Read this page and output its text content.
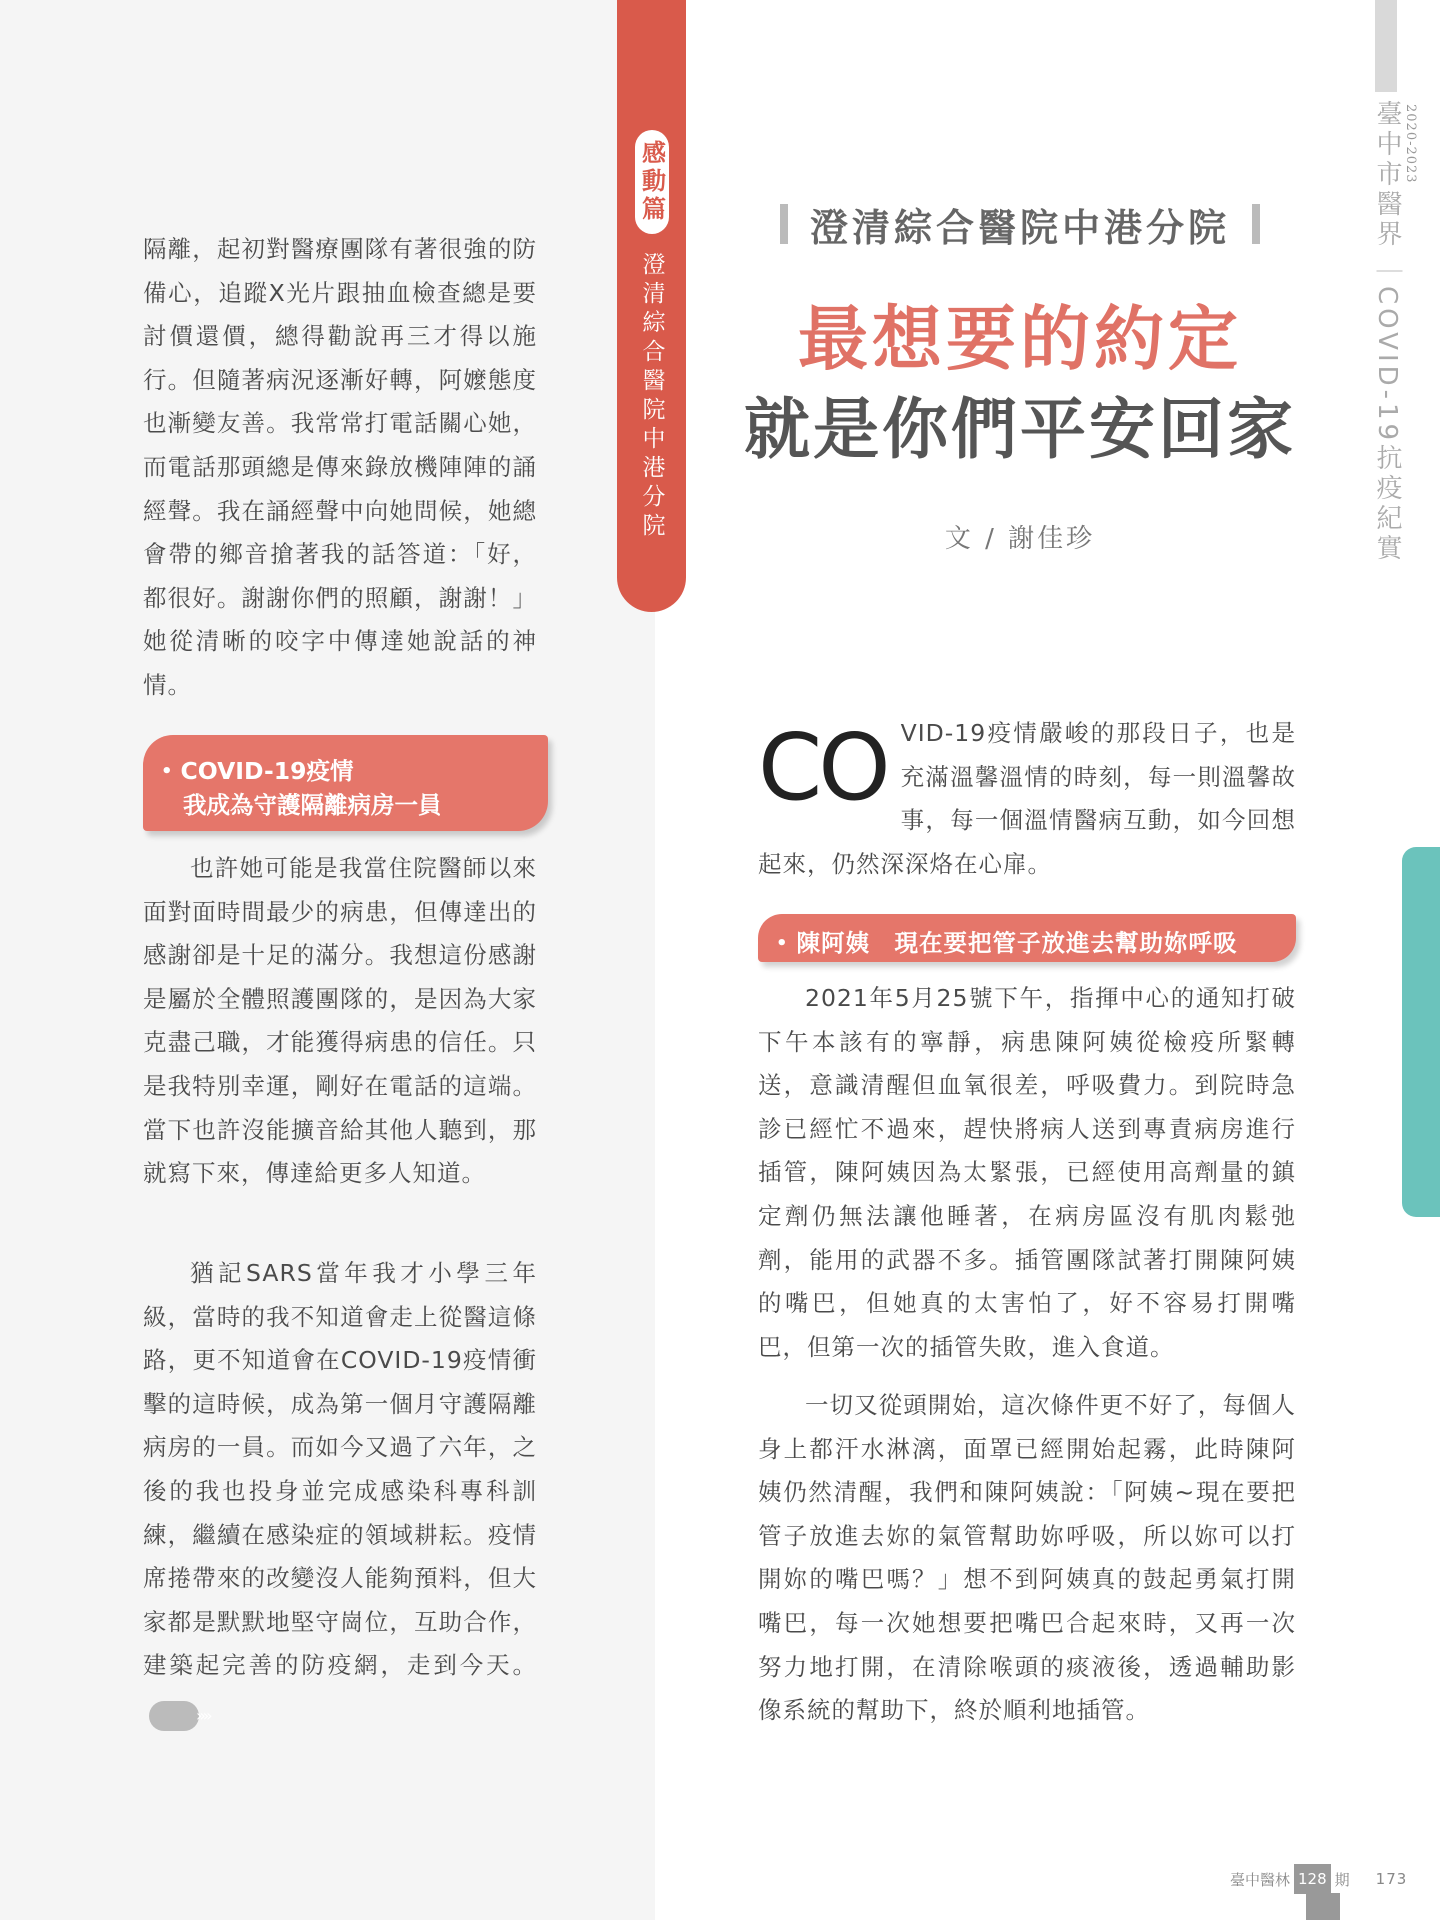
感動篇
澄清綜合醫院中港分院
2020-2023
臺中市醫界｜COVID-19抗疫紀實
澄清綜合醫院中港分院
最想要的約定
就是你們平安回家
文 / 謝佳珍

隔離，起初對醫療團隊有著很強的防備心，追蹤X光片跟抽血檢查總是要討價還價，總得勸說再三才得以施行。但隨著病況逐漸好轉，阿嬤態度也漸變友善。我常常打電話關心她，而電話那頭總是傳來錄放機陣陣的誦經聲。我在誦經聲中向她問候，她總會帶的鄉音搶著我的話答道：「好，都很好。謝謝你們的照顧，謝謝！」她從清晰的咬字中傳達她說話的神情。

• COVID-19疫情
我成為守護隔離病房一員

也許她可能是我當住院醫師以來面對面時間最少的病患，但傳達出的感謝卻是十足的滿分。我想這份感謝是屬於全體照護團隊的，是因為大家克盡己職，才能獲得病患的信任。只是我特別幸運，剛好在電話的這端。當下也許沒能擴音給其他人聽到，那就寫下來，傳達給更多人知道。

猶記SARS當年我才小學三年級，當時的我不知道會走上從醫這條路，更不知道會在COVID-19疫情衝擊的這時候，成為第一個月守護隔離病房的一員。而如今又過了六年，之後的我也投身並完成感染科專科訓練，繼續在感染症的領域耕耘。疫情席捲帶來的改變沒人能夠預料，但大家都是默默地堅守崗位，互助合作，建築起完善的防疫網，走到今天。»»

CO VID-19疫情嚴峻的那段日子，也是充滿溫馨溫情的時刻，每一則溫馨故事，每一個溫情醫病互動，如今回想起來，仍然深深烙在心扉。

• 陳阿姨　現在要把管子放進去幫助妳呼吸

2021年5月25號下午，指揮中心的通知打破下午本該有的寧靜，病患陳阿姨從檢疫所緊轉送，意識清醒但血氧很差，呼吸費力。到院時急診已經忙不過來，趕快將病人送到專責病房進行插管，陳阿姨因為太緊張，已經使用高劑量的鎮定劑仍無法讓他睡著，在病房區沒有肌肉鬆弛劑，能用的武器不多。插管團隊試著打開陳阿姨的嘴巴，但她真的太害怕了，好不容易打開嘴巴，但第一次的插管失敗，進入食道。

一切又從頭開始，這次條件更不好了，每個人身上都汗水淋漓，面罩已經開始起霧，此時陳阿姨仍然清醒，我們和陳阿姨說：「阿姨~現在要把管子放進去妳的氣管幫助妳呼吸，所以妳可以打開妳的嘴巴嗎？」想不到阿姨真的鼓起勇氣打開嘴巴，每一次她想要把嘴巴合起來時，又再一次努力地打開，在清除喉頭的痰液後，透過輔助影像系統的幫助下，終於順利地插管。

臺中醫林 128 期 173
